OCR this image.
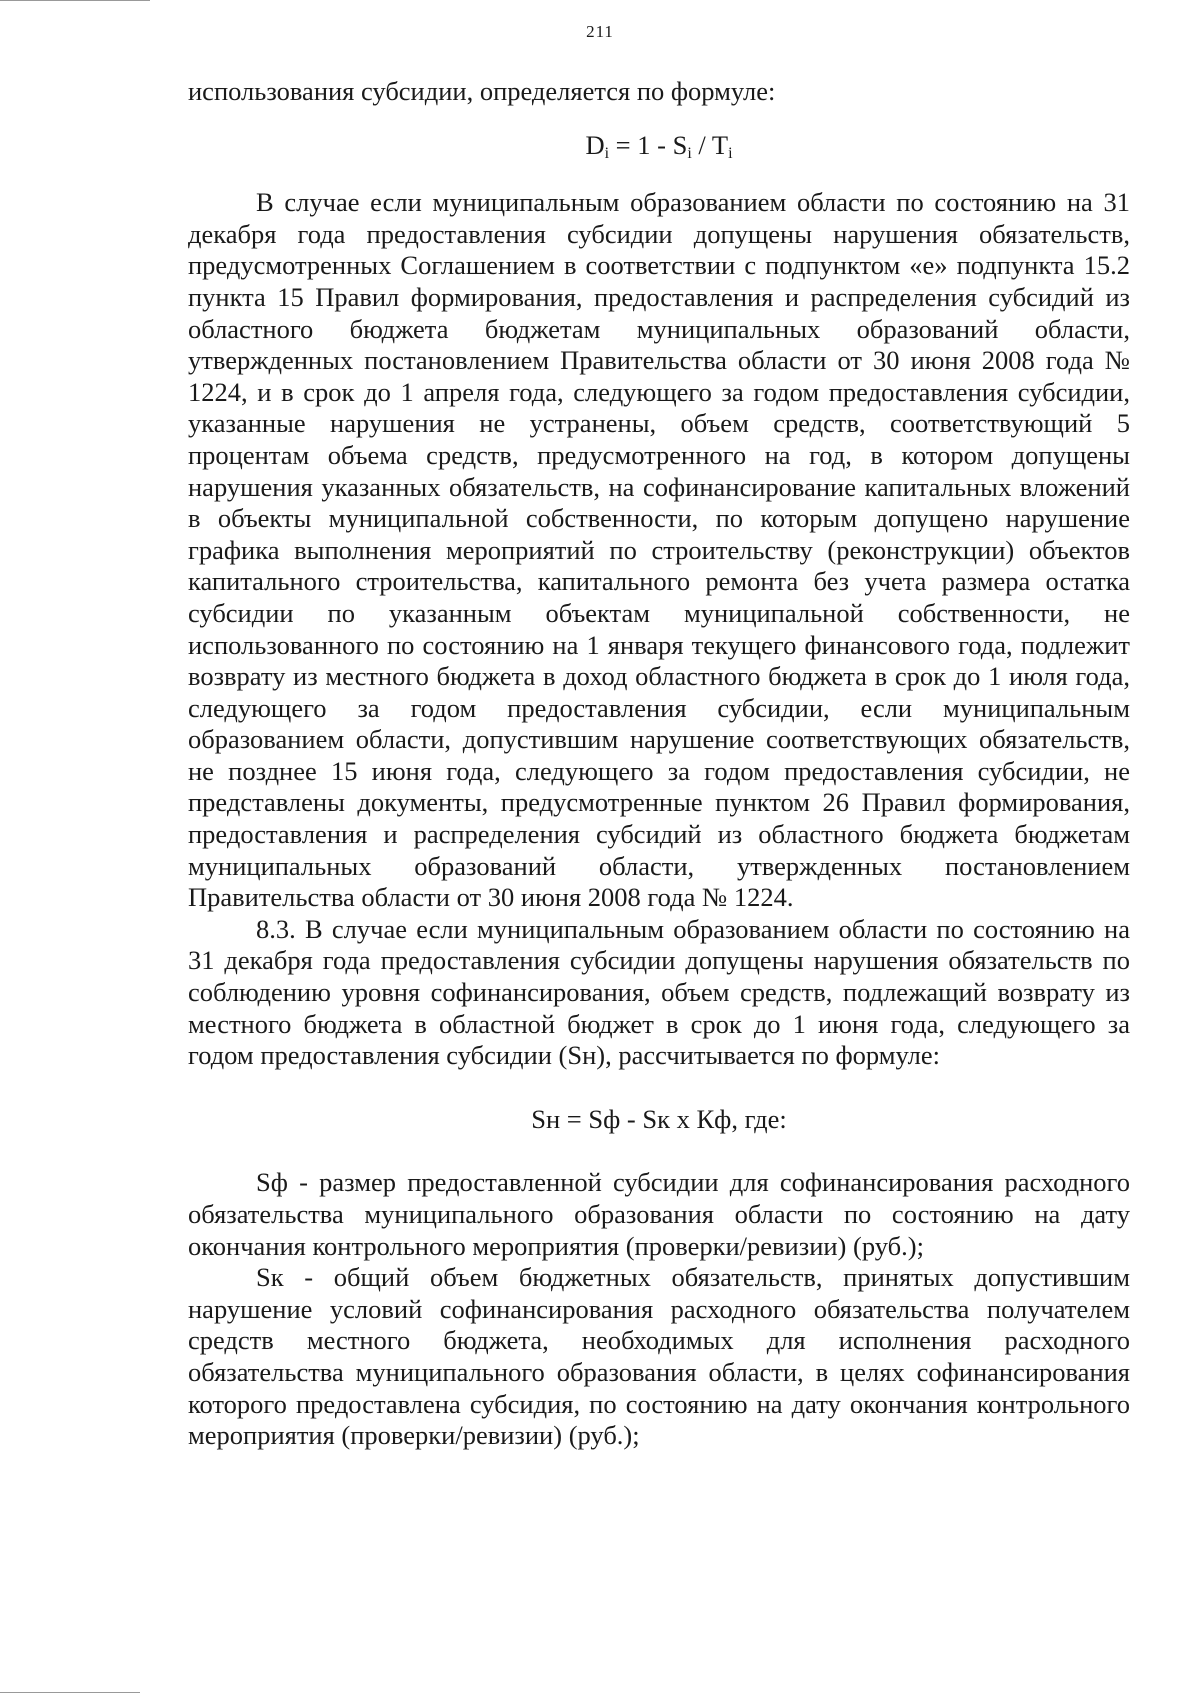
211

использования субсидии, определяется по формуле:

$D_i = 1 - S_i / T_i$

В случае если муниципальным образованием области по состоянию на 31 декабря года предоставления субсидии допущены нарушения обязательств, предусмотренных Соглашением в соответствии с подпунктом «е» подпункта 15.2 пункта 15 Правил формирования, предоставления и распределения субсидий из областного бюджета бюджетам муниципальных образований области, утвержденных постановлением Правительства области от 30 июня 2008 года № 1224, и в срок до 1 апреля года, следующего за годом предоставления субсидии, указанные нарушения не устранены, объем средств, соответствующий 5 процентам объема средств, предусмотренного на год, в котором допущены нарушения указанных обязательств, на софинансирование капитальных вложений в объекты муниципальной собственности, по которым допущено нарушение графика выполнения мероприятий по строительству (реконструкции) объектов капитального строительства, капитального ремонта без учета размера остатка субсидии по указанным объектам муниципальной собственности, не использованного по состоянию на 1 января текущего финансового года, подлежит возврату из местного бюджета в доход областного бюджета в срок до 1 июля года, следующего за годом предоставления субсидии, если муниципальным образованием области, допустившим нарушение соответствующих обязательств, не позднее 15 июня года, следующего за годом предоставления субсидии, не представлены документы, предусмотренные пунктом 26 Правил формирования, предоставления и распределения субсидий из областного бюджета бюджетам муниципальных образований области, утвержденных постановлением Правительства области от 30 июня 2008 года № 1224.

8.3. В случае если муниципальным образованием области по состоянию на 31 декабря года предоставления субсидии допущены нарушения обязательств по соблюдению уровня софинансирования, объем средств, подлежащий возврату из местного бюджета в областной бюджет в срок до 1 июня года, следующего за годом предоставления субсидии (Sн), рассчитывается по формуле:

Sн = Sф - Sк х Кф, где:

Sф - размер предоставленной субсидии для софинансирования расходного обязательства муниципального образования области по состоянию на дату окончания контрольного мероприятия (проверки/ревизии) (руб.);

Sк - общий объем бюджетных обязательств, принятых допустившим нарушение условий софинансирования расходного обязательства получателем средств местного бюджета, необходимых для исполнения расходного обязательства муниципального образования области, в целях софинансирования которого предоставлена субсидия, по состоянию на дату окончания контрольного мероприятия (проверки/ревизии) (руб.);
